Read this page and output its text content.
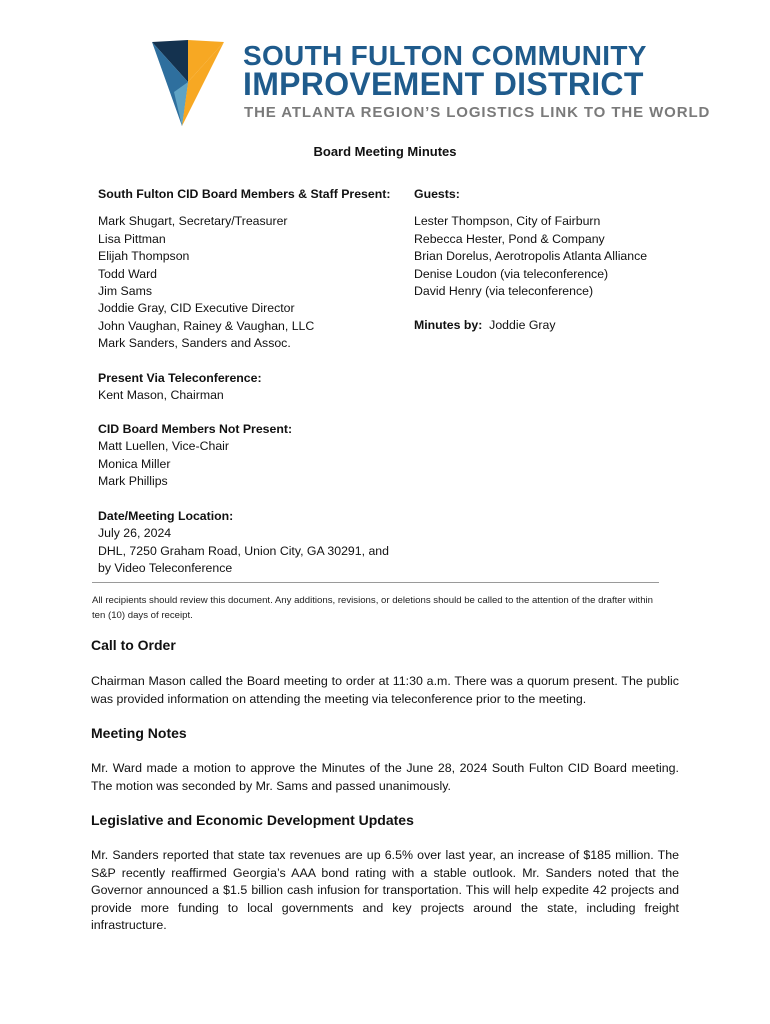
SOUTH FULTON COMMUNITY
IMPROVEMENT DISTRICT
THE ATLANTA REGION’S LOGISTICS LINK TO THE WORLD
Board Meeting Minutes
South Fulton CID Board Members & Staff Present:
Mark Shugart, Secretary/Treasurer
Lisa Pittman
Elijah Thompson
Todd Ward
Jim Sams
Joddie Gray, CID Executive Director
John Vaughan, Rainey & Vaughan, LLC
Mark Sanders, Sanders and Assoc.
Guests:
Lester Thompson, City of Fairburn
Rebecca Hester, Pond & Company
Brian Dorelus, Aerotropolis Atlanta Alliance
Denise Loudon (via teleconference)
David Henry (via teleconference)
Minutes by: Joddie Gray
Present Via Teleconference:
Kent Mason, Chairman
CID Board Members Not Present:
Matt Luellen, Vice-Chair
Monica Miller
Mark Phillips
Date/Meeting Location:
July 26, 2024
DHL, 7250 Graham Road, Union City, GA 30291, and
by Video Teleconference
All recipients should review this document. Any additions, revisions, or deletions should be called to the attention of the drafter within ten (10) days of receipt.
Call to Order
Chairman Mason called the Board meeting to order at 11:30 a.m. There was a quorum present. The public was provided information on attending the meeting via teleconference prior to the meeting.
Meeting Notes
Mr. Ward made a motion to approve the Minutes of the June 28, 2024 South Fulton CID Board meeting. The motion was seconded by Mr. Sams and passed unanimously.
Legislative and Economic Development Updates
Mr. Sanders reported that state tax revenues are up 6.5% over last year, an increase of $185 million. The S&P recently reaffirmed Georgia’s AAA bond rating with a stable outlook. Mr. Sanders noted that the Governor announced a $1.5 billion cash infusion for transportation. This will help expedite 42 projects and provide more funding to local governments and key projects around the state, including freight infrastructure.
